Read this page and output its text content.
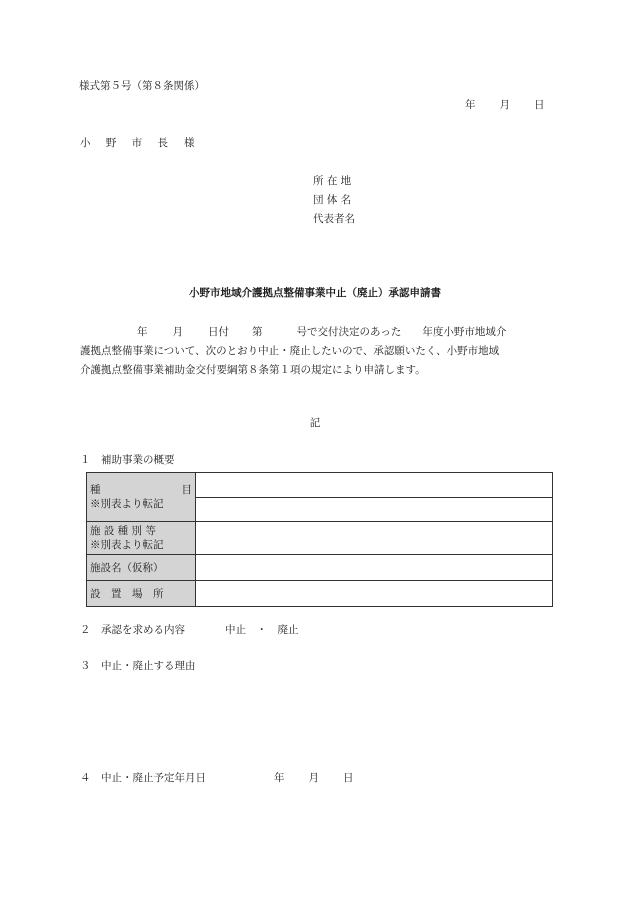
様式第５号（第８条関係）
年 月 日
小 野 市 長 様
所 在 地
団 体 名
代表者名
小野市地域介護拠点整備事業中止（廃止）承認申請書
年 月 日付 第	号で交付決定のあった　　年度小野市地域介
護拠点整備事業について、次のとおり中止・廃止したいので、承認願いたく、小野市地域
介護拠点整備事業補助金交付要綱第８条第１項の規定により申請します。
記
１　補助事業の概要
種 目
※別表より転記	

施 設 種 別 等
※別表より転記	

施設名（仮称）	
設　置　場　所	
２　承認を求める内容	中止　・　廃止
３　中止・廃止する理由
４　中止・廃止予定年月日	年 月 日
